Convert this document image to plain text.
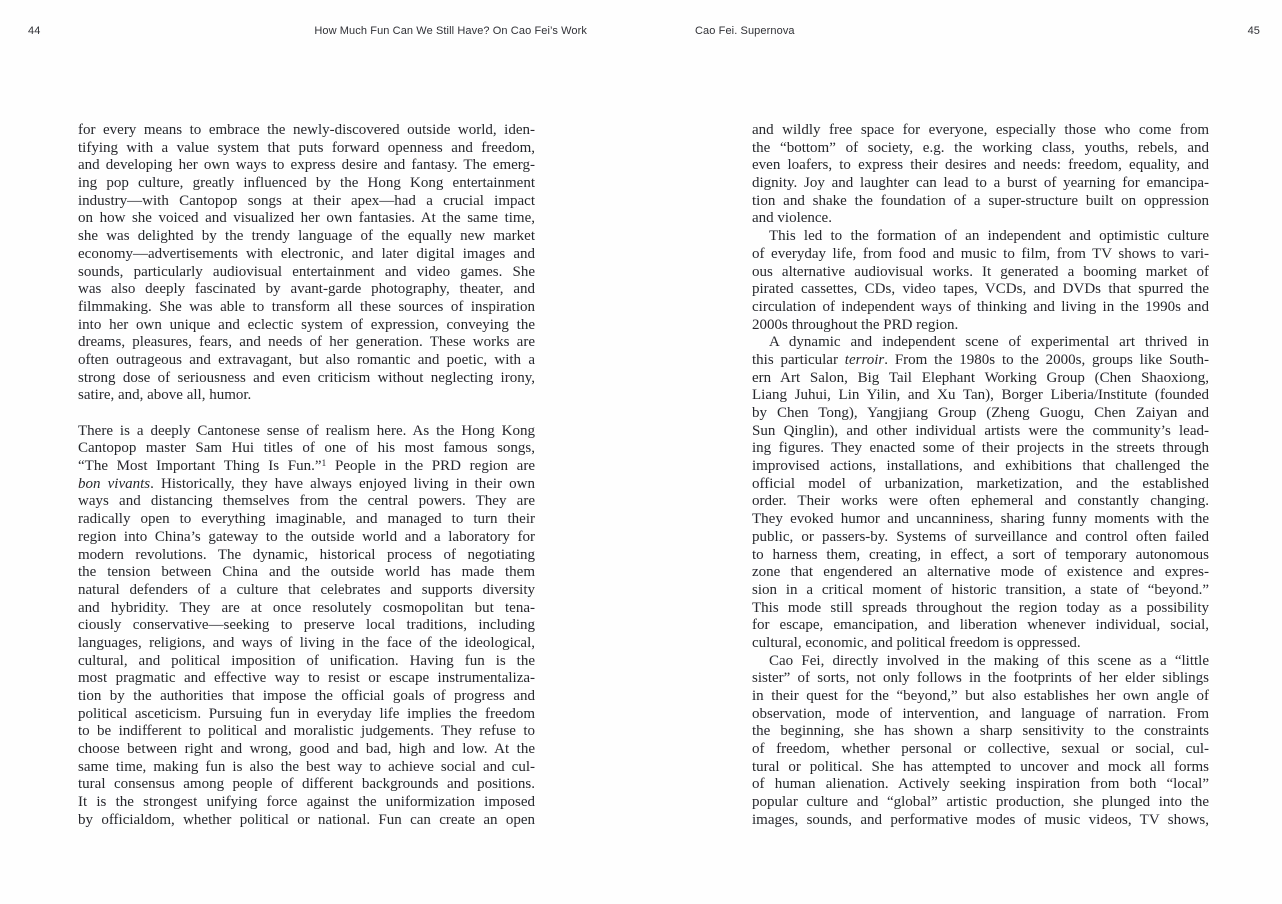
44	How Much Fun Can We Still Have? On Cao Fei’s Work	Cao Fei. Supernova	45
for every means to embrace the newly-discovered outside world, iden-
tifying with a value system that puts forward openness and freedom,
and developing her own ways to express desire and fantasy. The emerg-
ing pop culture, greatly influenced by the Hong Kong entertainment
industry—with Cantopop songs at their apex—had a crucial impact
on how she voiced and visualized her own fantasies. At the same time,
she was delighted by the trendy language of the equally new market
economy—advertisements with electronic, and later digital images and
sounds, particularly audiovisual entertainment and video games. She
was also deeply fascinated by avant-garde photography, theater, and
filmmaking. She was able to transform all these sources of inspiration
into her own unique and eclectic system of expression, conveying the
dreams, pleasures, fears, and needs of her generation. These works are
often outrageous and extravagant, but also romantic and poetic, with a
strong dose of seriousness and even criticism without neglecting irony,
satire, and, above all, humor.
There is a deeply Cantonese sense of realism here. As the Hong Kong
Cantopop master Sam Hui titles of one of his most famous songs,
“The Most Important Thing Is Fun.”$^1$ People in the PRD region are
bon vivants. Historically, they have always enjoyed living in their own
ways and distancing themselves from the central powers. They are
radically open to everything imaginable, and managed to turn their
region into China’s gateway to the outside world and a laboratory for
modern revolutions. The dynamic, historical process of negotiating
the tension between China and the outside world has made them
natural defenders of a culture that celebrates and supports diversity
and hybridity. They are at once resolutely cosmopolitan but tena-
ciously conservative—seeking to preserve local traditions, including
languages, religions, and ways of living in the face of the ideological,
cultural, and political imposition of unification. Having fun is the
most pragmatic and effective way to resist or escape instrumentaliza-
tion by the authorities that impose the official goals of progress and
political asceticism. Pursuing fun in everyday life implies the freedom
to be indifferent to political and moralistic judgements. They refuse to
choose between right and wrong, good and bad, high and low. At the
same time, making fun is also the best way to achieve social and cul-
tural consensus among people of different backgrounds and positions.
It is the strongest unifying force against the uniformization imposed
by officialdom, whether political or national. Fun can create an open
and wildly free space for everyone, especially those who come from
the “bottom” of society, e.g. the working class, youths, rebels, and
even loafers, to express their desires and needs: freedom, equality, and
dignity. Joy and laughter can lead to a burst of yearning for emancipa-
tion and shake the foundation of a super-structure built on oppression
and violence.
This led to the formation of an independent and optimistic culture
of everyday life, from food and music to film, from TV shows to vari-
ous alternative audiovisual works. It generated a booming market of
pirated cassettes, CDs, video tapes, VCDs, and DVDs that spurred the
circulation of independent ways of thinking and living in the 1990s and
2000s throughout the PRD region.
A dynamic and independent scene of experimental art thrived in
this particular terroir. From the 1980s to the 2000s, groups like South-
ern Art Salon, Big Tail Elephant Working Group (Chen Shaoxiong,
Liang Juhui, Lin Yilin, and Xu Tan), Borger Liberia/Institute (founded
by Chen Tong), Yangjiang Group (Zheng Guogu, Chen Zaiyan and
Sun Qinglin), and other individual artists were the community’s lead-
ing figures. They enacted some of their projects in the streets through
improvised actions, installations, and exhibitions that challenged the
official model of urbanization, marketization, and the established
order. Their works were often ephemeral and constantly changing.
They evoked humor and uncanniness, sharing funny moments with the
public, or passers-by. Systems of surveillance and control often failed
to harness them, creating, in effect, a sort of temporary autonomous
zone that engendered an alternative mode of existence and expres-
sion in a critical moment of historic transition, a state of “beyond.”
This mode still spreads throughout the region today as a possibility
for escape, emancipation, and liberation whenever individual, social,
cultural, economic, and political freedom is oppressed.
Cao Fei, directly involved in the making of this scene as a “little
sister” of sorts, not only follows in the footprints of her elder siblings
in their quest for the “beyond,” but also establishes her own angle of
observation, mode of intervention, and language of narration. From
the beginning, she has shown a sharp sensitivity to the constraints
of freedom, whether personal or collective, sexual or social, cul-
tural or political. She has attempted to uncover and mock all forms
of human alienation. Actively seeking inspiration from both “local”
popular culture and “global” artistic production, she plunged into the
images, sounds, and performative modes of music videos, TV shows,
